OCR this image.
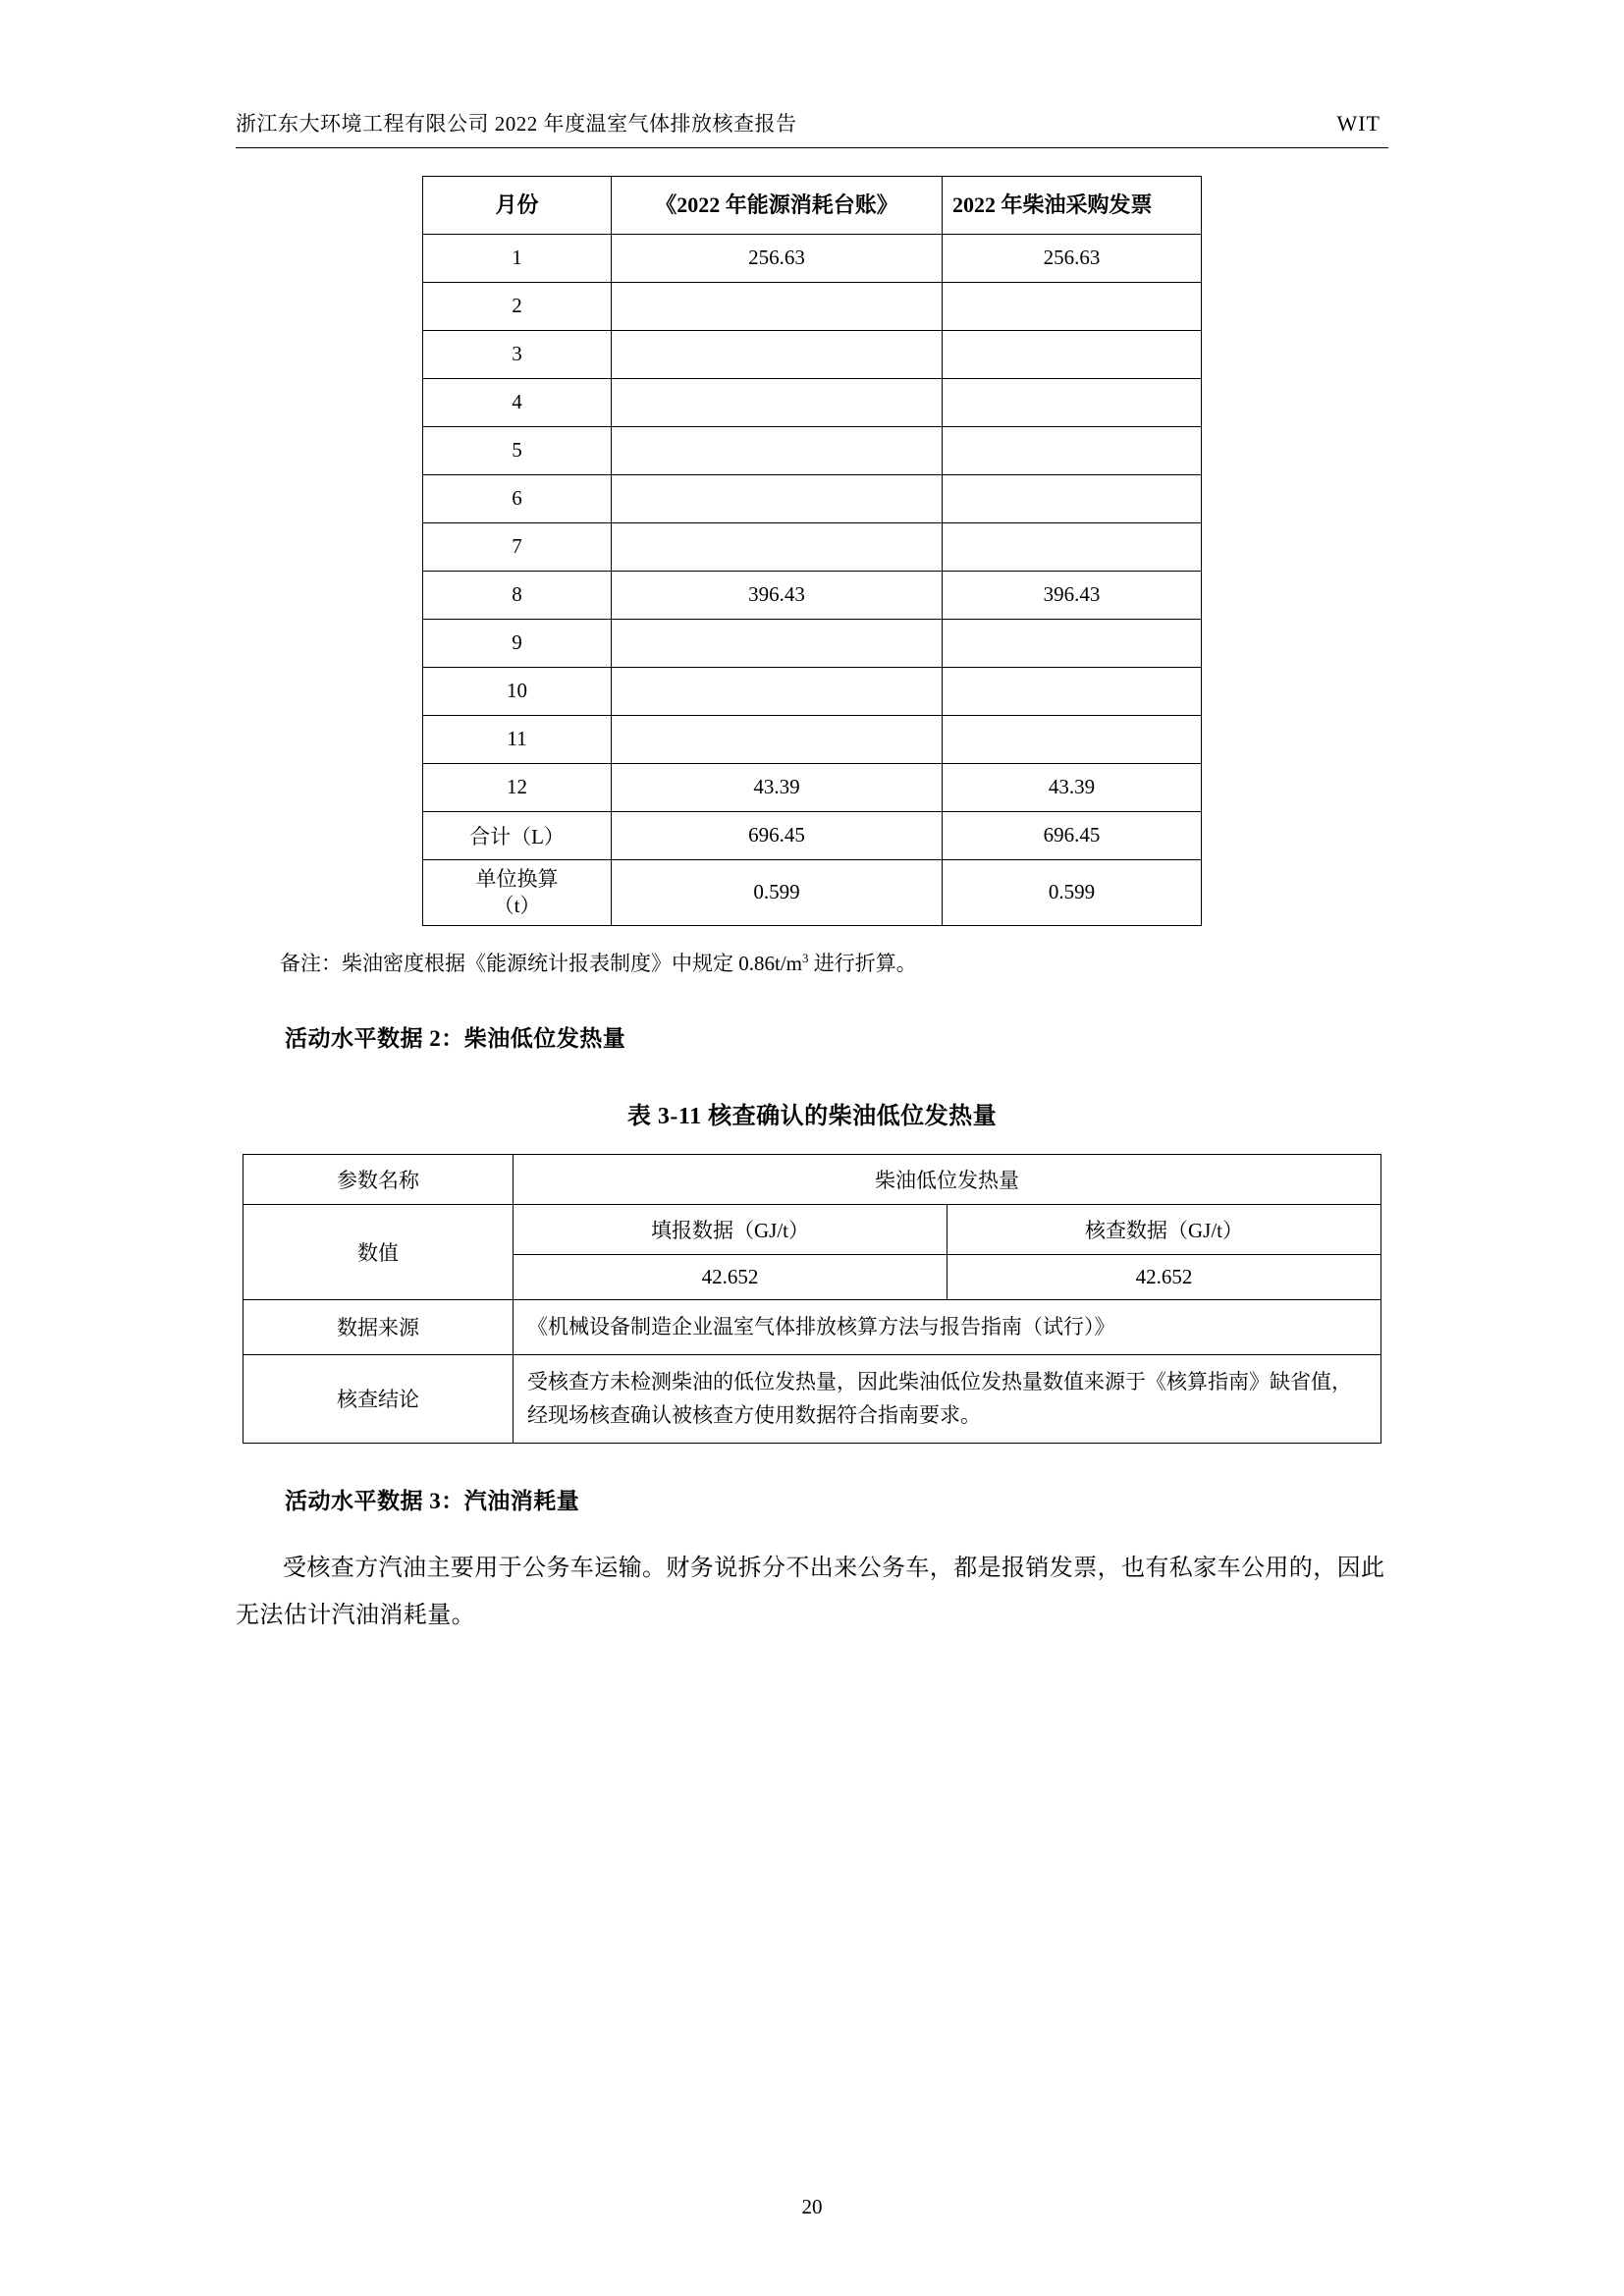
浙江东大环境工程有限公司 2022 年度温室气体排放核查报告	WIT
月份	《2022 年能源消耗台账》	2022 年柴油采购发票
1	256.63	256.63
2		
3		
4		
5		
6		
7		
8	396.43	396.43
9		
10		
11		
12	43.39	43.39
合计（L）	696.45	696.45
单位换算
（t）	0.599	0.599
备注：柴油密度根据《能源统计报表制度》中规定 $0.86t/m^3$ 进行折算。
活动水平数据 2：柴油低位发热量
表 3-11 核查确认的柴油低位发热量
参数名称	柴油低位发热量	
数值	填报数据（GJ/t）	核查数据（GJ/t）
	42.652	42.652
数据来源	《机械设备制造企业温室气体排放核算方法与报告指南（试行）》	
核查结论	受核查方未检测柴油的低位发热量，因此柴油低位发热量数值来源于《核算指南》缺省值，经现场核查确认被核查方使用数据符合指南要求。	
活动水平数据 3：汽油消耗量
受核查方汽油主要用于公务车运输。财务说拆分不出来公务车，都是报销发票，也有私家车公用的，因此无法估计汽油消耗量。
20
